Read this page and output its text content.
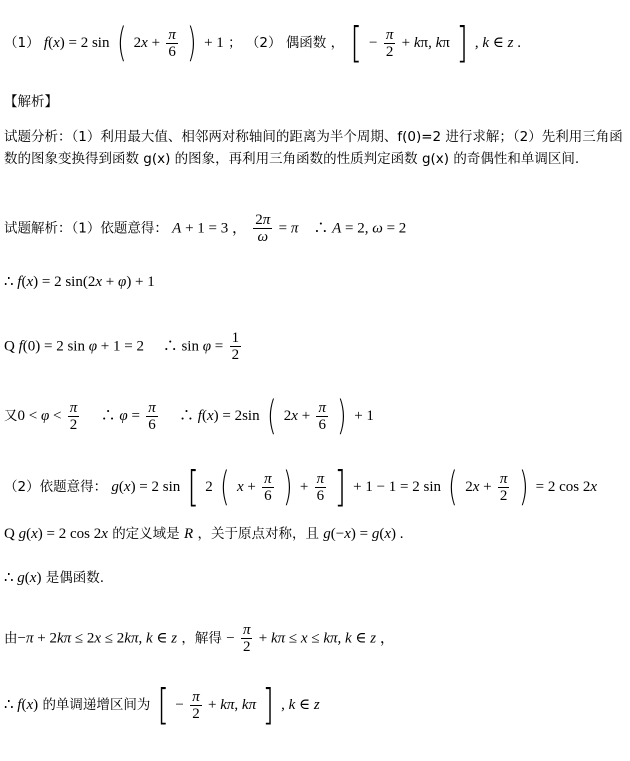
（1） f(x) = 2 sin ( $2x + \frac{\pi}{6}$ ) + 1 ； （2） 偶函数 ， [ − $\frac{\pi}{2} + k\pi$, kπ ] , k ∈ z .
【解析】
试题分析：（1）利用最大值、相邻两对称轴间的距离为半个周期、f(0)=2 进行求解；（2）先利用三角函数的图象变换得到函数 g(x) 的图象，再利用三角函数的性质判定函数 g(x) 的奇偶性和单调区间.
试题解析：（1）依题意得： A + 1 = 3 ， $\frac{2\pi}{\omega} = \pi$　∴ A = 2, ω = 2
∴ f(x) = 2 sin(2x + φ) + 1
Q f(0) = 2 sin φ + 1 = 2　 ∴ $\sin \varphi = \frac{1}{2}$
又$0 < \varphi < \frac{\pi}{2}$ 　∴ $\varphi = \frac{\pi}{6}$ 　∴ f(x) = 2sin ( $2x + \frac{\pi}{6}$ ) + 1
（2）依题意得： g(x) = 2 sin [ 2 ( $x + \frac{\pi}{6}$ ) + $\frac{\pi}{6}$ ] + 1 − 1 = 2 sin ( $2x + \frac{\pi}{2}$ ) = 2 cos 2x
Q g(x) = 2 cos 2x 的定义域是 R ，关于原点对称，且 g(−x) = g(x) .
∴ g(x) 是偶函数.
由−π + 2kπ ≤ 2x ≤ 2kπ, k ∈ z ，解得 − $\frac{\pi}{2} + k\pi \le x \le k\pi$, k ∈ z ，
∴ f(x) 的单调递增区间为 [ − $\frac{\pi}{2} + k\pi$, kπ ] , k ∈ z
